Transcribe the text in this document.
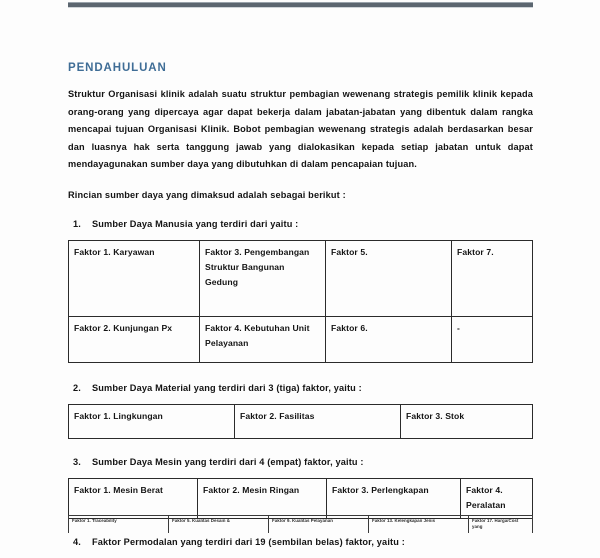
PENDAHULUAN

Struktur Organisasi klinik adalah suatu struktur pembagian wewenang strategis pemilik klinik kepada orang-orang yang dipercaya agar dapat bekerja dalam jabatan-jabatan yang dibentuk dalam rangka mencapai tujuan Organisasi Klinik. Bobot pembagian wewenang strategis adalah berdasarkan besar dan luasnya hak serta tanggung jawab yang dialokasikan kepada setiap jabatan untuk dapat mendayagunakan sumber daya yang dibutuhkan di dalam pencapaian tujuan.

Rincian sumber daya yang dimaksud adalah sebagai berikut :

1. Sumber Daya Manusia yang terdiri dari yaitu :
Faktor 1. Karyawan	Faktor 3. Pengembangan Struktur Bangunan Gedung	Faktor 5.	Faktor 7.
Faktor 2. Kunjungan Px	Faktor 4. Kebutuhan Unit Pelayanan	Faktor 6.	-
2. Sumber Daya Material yang terdiri dari 3 (tiga) faktor, yaitu :
Faktor 1. Lingkungan	Faktor 2. Fasilitas	Faktor 3. Stok
3. Sumber Daya Mesin yang terdiri dari 4 (empat) faktor, yaitu :
Faktor 1. Mesin Berat	Faktor 2. Mesin Ringan	Faktor 3. Perlengkapan	Faktor 4. Peralatan
4. Faktor Permodalan yang terdiri dari 19 (sembilan belas) faktor, yaitu :
Faktor 1. Traceability	Faktor 5. Kualitas Desain &	Faktor 9. Kualitas Pelayanan	Faktor 13. Kelengkapan Jenis	Faktor 17. Harga/Cost yang
